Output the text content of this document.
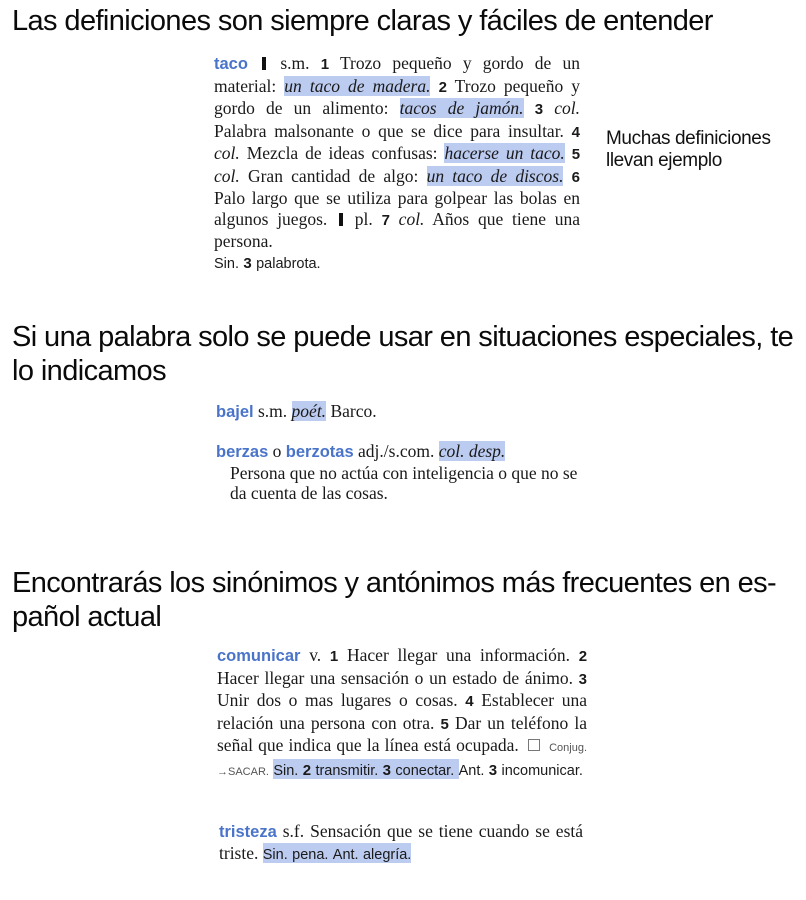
Las definiciones son siempre claras y fáciles de entender

taco s.m. 1 Trozo pequeño y gordo de un material: un taco de madera. 2 Trozo pequeño y gordo de un alimento: tacos de jamón. 3 col. Palabra malsonante o que se dice para insultar. 4 col. Mezcla de ideas confusas: hacerse un taco. 5 col. Gran cantidad de algo: un taco de discos. 6 Palo largo que se utiliza para golpear las bolas en algunos juegos. pl. 7 col. Años que tiene una persona.
Sin. 3 palabrota.

Muchas definiciones
llevan ejemplo

Si una palabra solo se puede usar en situaciones especiales, te
lo indicamos

bajel s.m. poét. Barco.

berzas o berzotas adj./s.com. col. desp.
Persona que no actúa con inteligencia o que no se da cuenta de las cosas.

Encontrarás los sinónimos y antónimos más frecuentes en es-
pañol actual

comunicar v. 1 Hacer llegar una información. 2 Hacer llegar una sensación o un estado de ánimo. 3 Unir dos o mas lugares o cosas. 4 Establecer una relación una persona con otra. 5 Dar un teléfono la señal que indica que la línea está ocupada.	Conjug. →SACAR. Sin. 2 transmitir. 3 conectar. Ant. 3 incomunicar.

tristeza s.f. Sensación que se tiene cuando se está triste. Sin. pena. Ant. alegría.
